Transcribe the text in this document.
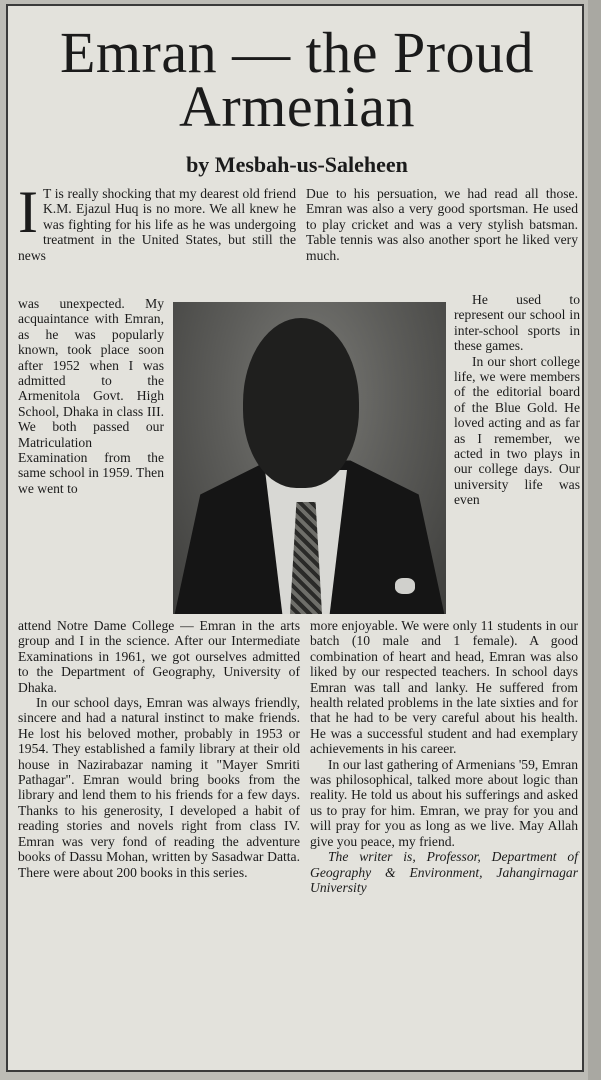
Emran — the Proud
Armenian
by Mesbah-us-Saleheen

I T is really shocking that my dearest old friend K.M. Ejazul Huq is no more. We all knew he was fighting for his life as he was undergoing treatment in the United States, but still the news

was unexpected. My acquaintance with Emran, as he was popularly known, took place soon after 1952 when I was admitted to the Armenitola Govt. High School, Dhaka in class III. We both passed our Matriculation Examination from the same school in 1959. Then we went to

attend Notre Dame College — Emran in the arts group and I in the science. After our Intermediate Examinations in 1961, we got ourselves admitted to the Department of Geography, University of Dhaka.

In our school days, Emran was always friendly, sincere and had a natural instinct to make friends. He lost his beloved mother, probably in 1953 or 1954. They established a family library at their old house in Nazirabazar naming it "Mayer Smriti Pathagar". Emran would bring books from the library and lend them to his friends for a few days. Thanks to his generosity, I developed a habit of reading stories and novels right from class IV. Emran was very fond of reading the adventure books of Dassu Mohan, written by Sasadwar Datta. There were about 200 books in this series.

Due to his persuation, we had read all those. Emran was also a very good sportsman. He used to play cricket and was a very stylish batsman. Table tennis was also another sport he liked very much.

He used to represent our school in inter-school sports in these games.

In our short college life, we were members of the editorial board of the Blue Gold. He loved acting and as far as I remember, we acted in two plays in our college days. Our university life was even

more enjoyable. We were only 11 students in our batch (10 male and 1 female). A good combination of heart and head, Emran was also liked by our respected teachers. In school days Emran was tall and lanky. He suffered from health related problems in the late sixties and for that he had to be very careful about his health. He was a successful student and had exemplary achievements in his career.

In our last gathering of Armenians '59, Emran was philosophical, talked more about logic than reality. He told us about his sufferings and asked us to pray for him. Emran, we pray for you and will pray for you as long as we live. May Allah give you peace, my friend.

The writer is, Professor, Department of Geography & Environment, Jahangirnagar University
